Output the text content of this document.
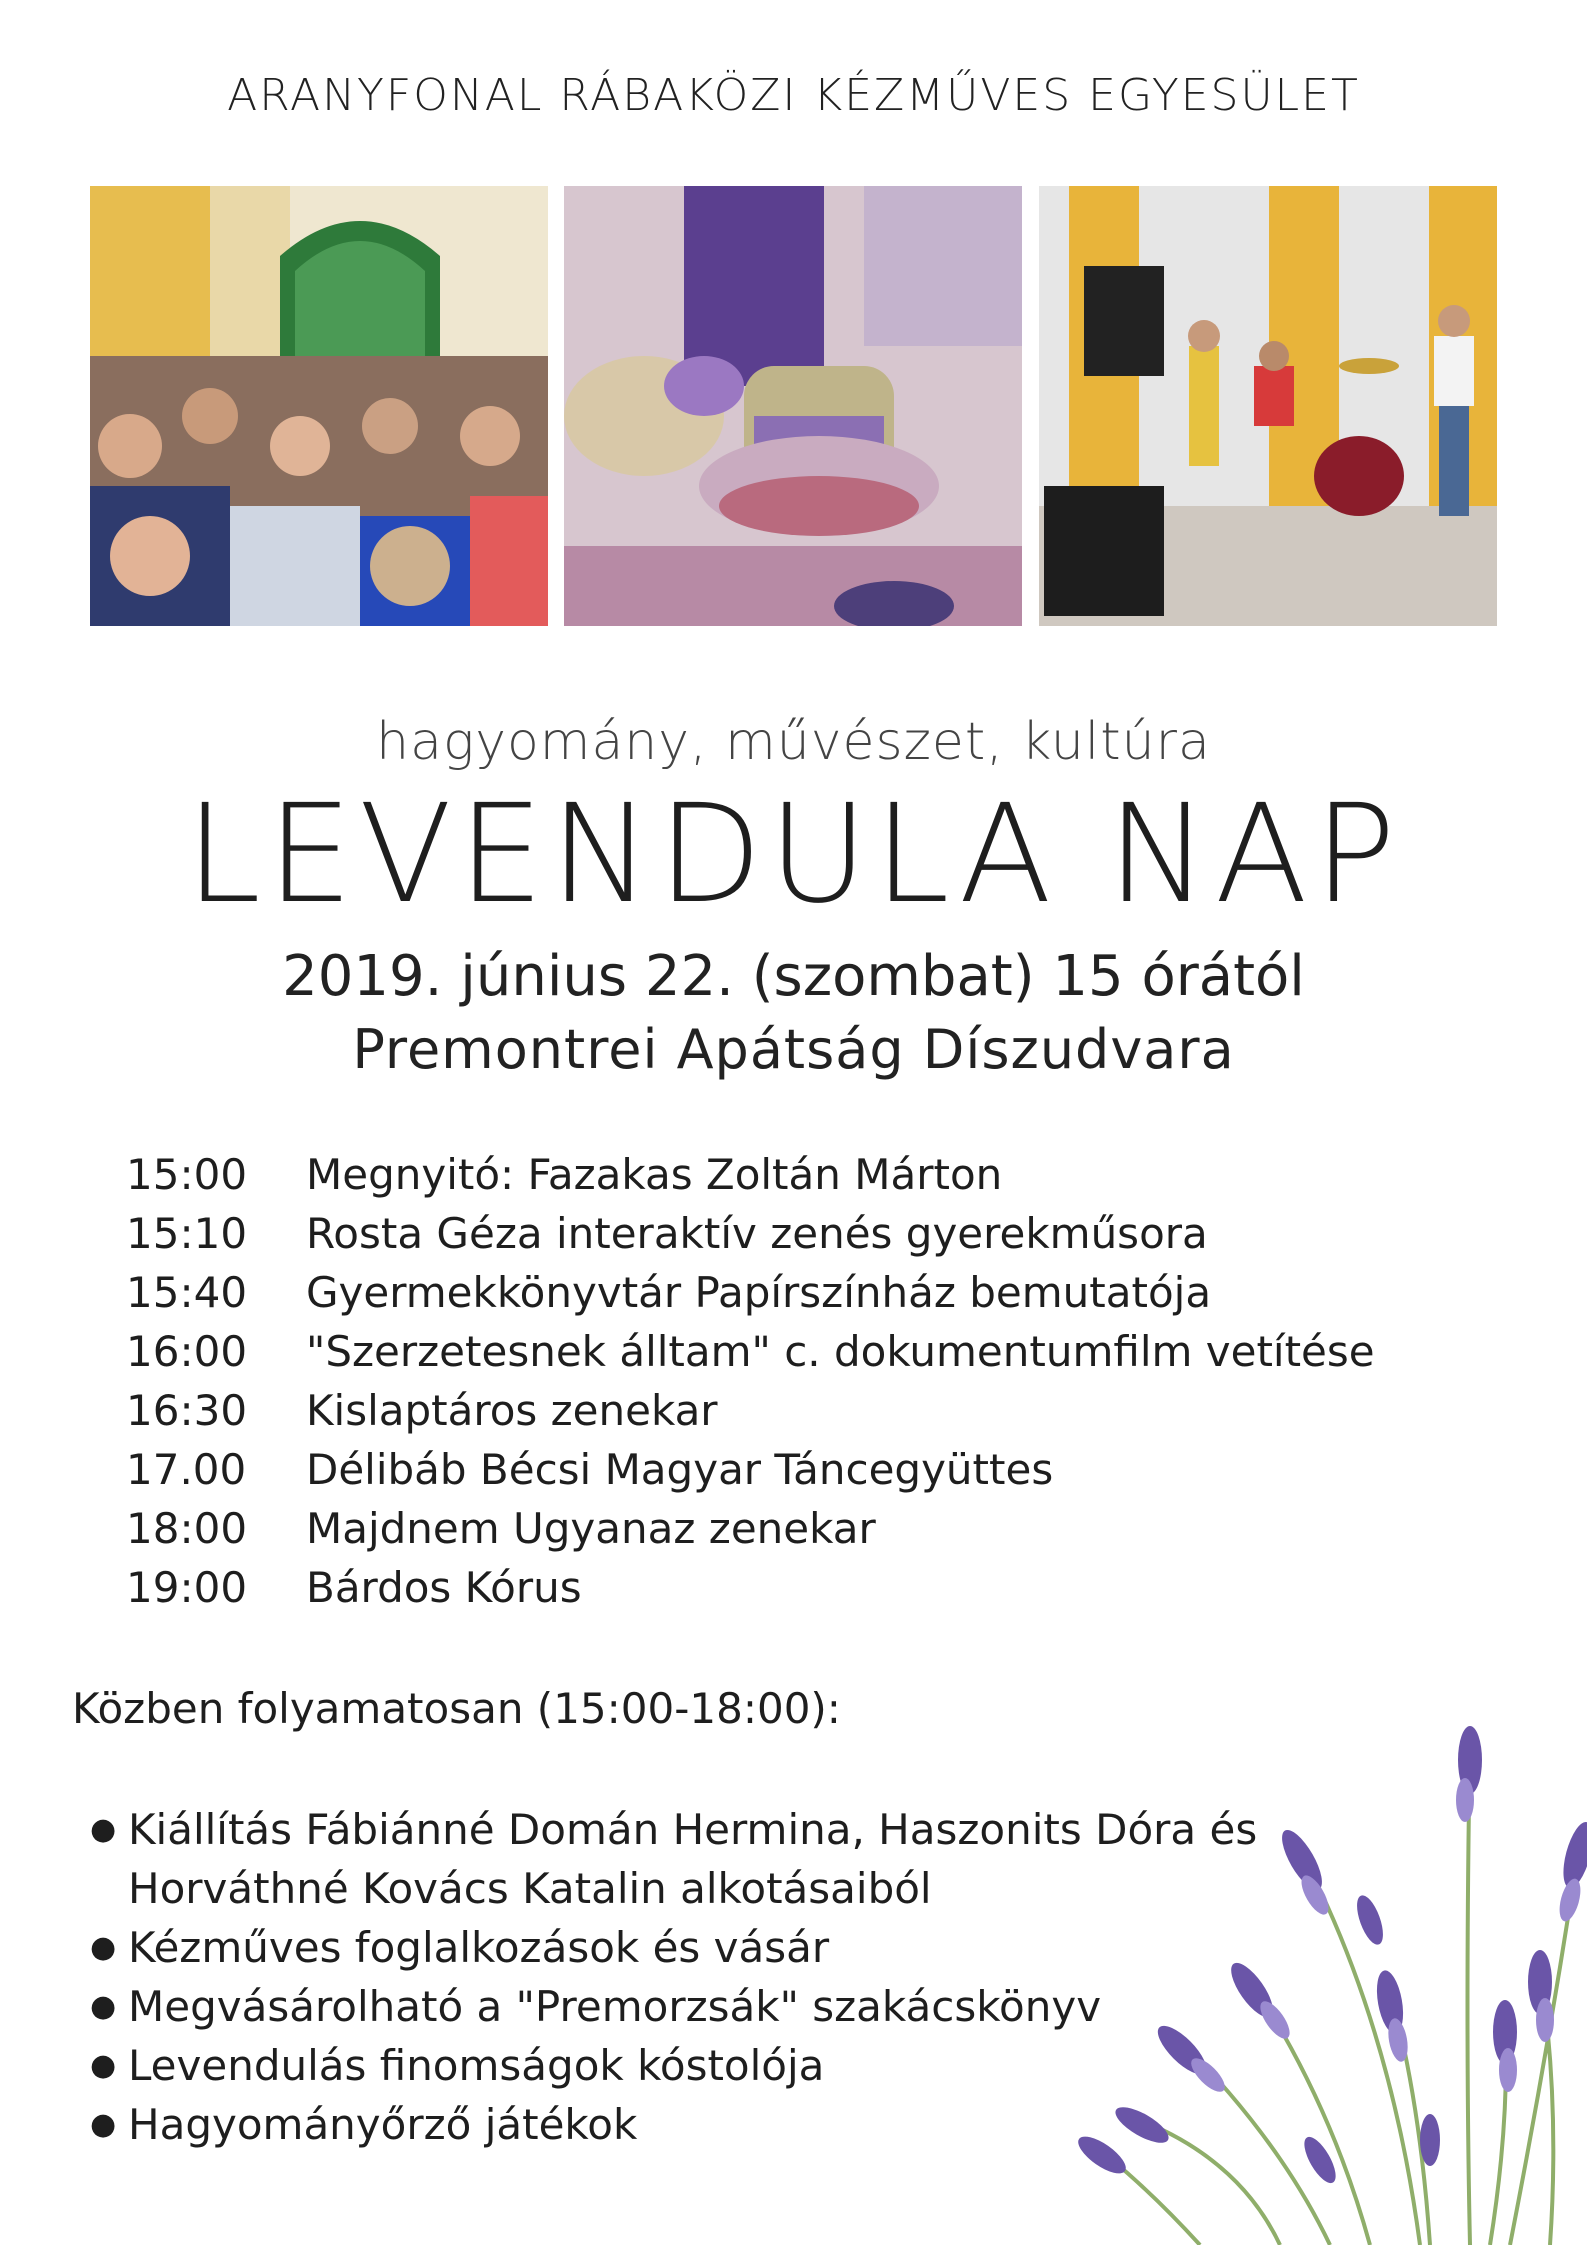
ARANYFONAL RÁBAKÖZI KÉZMŰVES EGYESÜLET
hagyomány, művészet, kultúra
LEVENDULA NAP
2019. június 22. (szombat) 15 órától
Premontrei Apátság Díszudvara
15:00	Megnyitó: Fazakas Zoltán Márton
15:10	Rosta Géza interaktív zenés gyerekműsora
15:40	Gyermekkönyvtár Papírszínház bemutatója
16:00	"Szerzetesnek álltam" c. dokumentumfilm vetítése
16:30	Kislaptáros zenekar
17.00	Délibáb Bécsi Magyar Táncegyüttes
18:00	Majdnem Ugyanaz zenekar
19:00	Bárdos Kórus
Közben folyamatosan (15:00-18:00):
● Kiállítás Fábiánné Domán Hermina, Haszonits Dóra és Horváthné Kovács Katalin alkotásaiból
● Kézműves foglalkozások és vásár
● Megvásárolható a "Premorzsák" szakácskönyv
● Levendulás finomságok kóstolója
● Hagyományőrző játékok
